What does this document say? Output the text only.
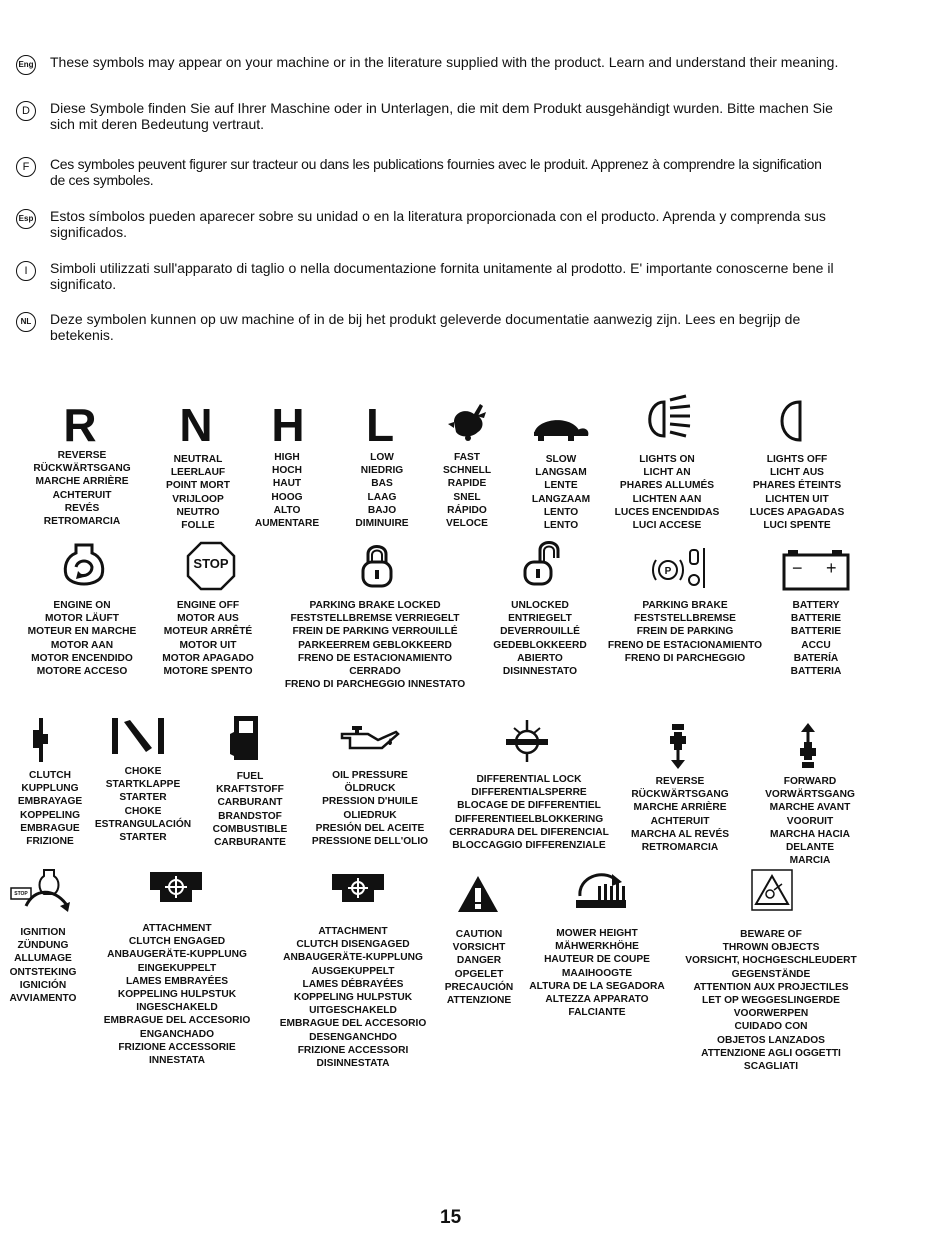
Eng These symbols may appear on your machine or in the literature supplied with the product. Learn and understand their meaning.
D	Diese Symbole finden Sie auf Ihrer Maschine oder in Unterlagen, die mit dem Produkt ausgehändigt wurden. Bitte machen Sie
sich mit deren Bedeutung vertraut.
F	Ces symboles peuvent figurer sur tracteur ou dans les publications fournies avec le produit. Apprenez à comprendre la signification
de ces symboles.
Esp Estos símbolos pueden aparecer sobre su unidad o en la literatura proporcionada con el producto. Aprenda y comprenda sus
significados.
I	Simboli utilizzati sull'apparato di taglio o nella documentazione fornita unitamente al prodotto. E' importante conoscerne bene il
significato.
NL	Deze symbolen kunnen op uw machine of in de bij het produkt geleverde documentatie aanwezig zijn. Lees en begrijp de
betekenis.
R N H L
REVERSE
RÜCKWÄRTSGANG
MARCHE ARRIÈRE
ACHTERUIT
REVÉS
RETROMARCIA
NEUTRAL
LEERLAUF
POINT MORT
VRIJLOOP
NEUTRO
FOLLE
HIGH
HOCH
HAUT
HOOG
ALTO
AUMENTARE
LOW
NIEDRIG
BAS
LAAG
BAJO
DIMINUIRE
FAST
SCHNELL
RAPIDE
SNEL
RÁPIDO
VELOCE
SLOW
LANGSAM
LENTE
LANGZAAM
LENTO
LENTO
LIGHTS ON
LICHT AN
PHARES ALLUMÉS
LICHTEN AAN
LUCES ENCENDIDAS
LUCI ACCESE
LIGHTS OFF
LICHT AUS
PHARES ÉTEINTS
LICHTEN UIT
LUCES APAGADAS
LUCI SPENTE
STOP
P	− +
ENGINE ON
MOTOR LÄUFT
MOTEUR EN MARCHE
MOTOR AAN
MOTOR ENCENDIDO
MOTORE ACCESO
ENGINE OFF
MOTOR AUS
MOTEUR ARRÊTÉ
MOTOR UIT
MOTOR APAGADO
MOTORE SPENTO
PARKING BRAKE LOCKED
FESTSTELLBREMSE VERRIEGELT
FREIN DE PARKING VERROUILLÉ
PARKEERREM GEBLOKKEERD
FRENO DE ESTACIONAMIENTO
CERRADO
FRENO DI PARCHEGGIO INNESTATO
UNLOCKED
ENTRIEGELT
DEVERROUILLÉ
GEDEBLOKKEERD
ABIERTO
DISINNESTATO
PARKING BRAKE
FESTSTELLBREMSE
FREIN DE PARKING
FRENO DE ESTACIONAMIENTO
FRENO DI PARCHEGGIO
BATTERY
BATTERIE
BATTERIE
ACCU
BATERÍA
BATTERIA
CLUTCH
KUPPLUNG
EMBRAYAGE
KOPPELING
EMBRAGUE
FRIZIONE
CHOKE
STARTKLAPPE
STARTER
CHOKE
ESTRANGULACIÓN
STARTER
FUEL
KRAFTSTOFF
CARBURANT
BRANDSTOF
COMBUSTIBLE
CARBURANTE
OIL PRESSURE
ÖLDRUCK
PRESSION D'HUILE
OLIEDRUK
PRESIÓN DEL ACEITE
PRESSIONE DELL'OLIO
DIFFERENTIAL LOCK
DIFFERENTIALSPERRE
BLOCAGE DE DIFFERENTIEL
DIFFERENTIEELBLOKKERING
CERRADURA DEL DIFERENCIAL
BLOCCAGGIO DIFFERENZIALE
REVERSE
RÜCKWÄRTSGANG
MARCHE ARRIÈRE
ACHTERUIT
MARCHA AL REVÉS
RETROMARCIA
FORWARD
VORWÄRTSGANG
MARCHE AVANT
VOORUIT
MARCHA HACIA
DELANTE
MARCIA
STOP
IGNITION
ZÜNDUNG
ALLUMAGE
ONTSTEKING
IGNICIÓN
AVVIAMENTO
ATTACHMENT
CLUTCH ENGAGED
ANBAUGERÄTE-KUPPLUNG
EINGEKUPPELT
LAMES EMBRAYÉES
KOPPELING HULPSTUK
INGESCHAKELD
EMBRAGUE DEL ACCESORIO
ENGANCHADO
FRIZIONE ACCESSORIE
INNESTATA
ATTACHMENT
CLUTCH DISENGAGED
ANBAUGERÄTE-KUPPLUNG
AUSGEKUPPELT
LAMES DÉBRAYÉES
KOPPELING HULPSTUK
UITGESCHAKELD
EMBRAGUE DEL ACCESORIO
DESENGANCHDO
FRIZIONE ACCESSORI
DISINNESTATA
CAUTION
VORSICHT
DANGER
OPGELET
PRECAUCIÓN
ATTENZIONE
MOWER HEIGHT
MÄHWERKHÖHE
HAUTEUR DE COUPE
MAAIHOOGTE
ALTURA DE LA SEGADORA
ALTEZZA APPARATO
FALCIANTE
BEWARE OF
THROWN OBJECTS
VORSICHT, HOCHGESCHLEUDERT
GEGENSTÄNDE
ATTENTION AUX PROJECTILES
LET OP WEGGESLINGERDE
VOORWERPEN
CUIDADO CON
OBJETOS LANZADOS
ATTENZIONE AGLI OGGETTI
SCAGLIATI
15
